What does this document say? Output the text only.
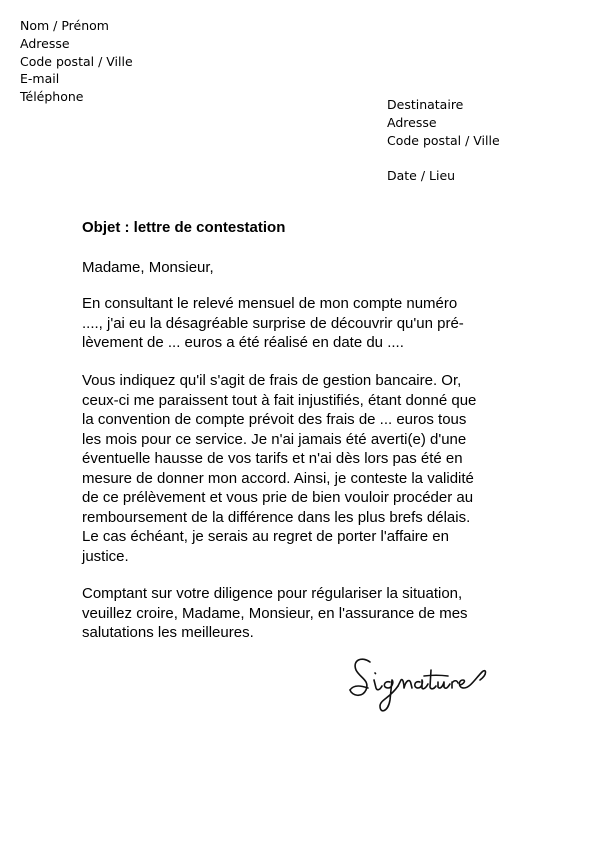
Nom / Prénom
Adresse
Code postal / Ville
E-mail
Téléphone
Destinataire
Adresse
Code postal / Ville
Date / Lieu
Objet : lettre de contestation
Madame, Monsieur,
En consultant le relevé mensuel de mon compte numéro
...., j'ai eu la désagréable surprise de découvrir qu'un pré-
lèvement de ... euros a été réalisé en date du ....
Vous indiquez qu'il s'agit de frais de gestion bancaire. Or,
ceux-ci me paraissent tout à fait injustifiés, étant donné que
la convention de compte prévoit des frais de ... euros tous
les mois pour ce service. Je n'ai jamais été averti(e) d'une
éventuelle hausse de vos tarifs et n'ai dès lors pas été en
mesure de donner mon accord. Ainsi, je conteste la validité
de ce prélèvement et vous prie de bien vouloir procéder au
remboursement de la différence dans les plus brefs délais.
Le cas échéant, je serais au regret de porter l'affaire en
justice.
Comptant sur votre diligence pour régulariser la situation,
veuillez croire, Madame, Monsieur, en l'assurance de mes
salutations les meilleures.
